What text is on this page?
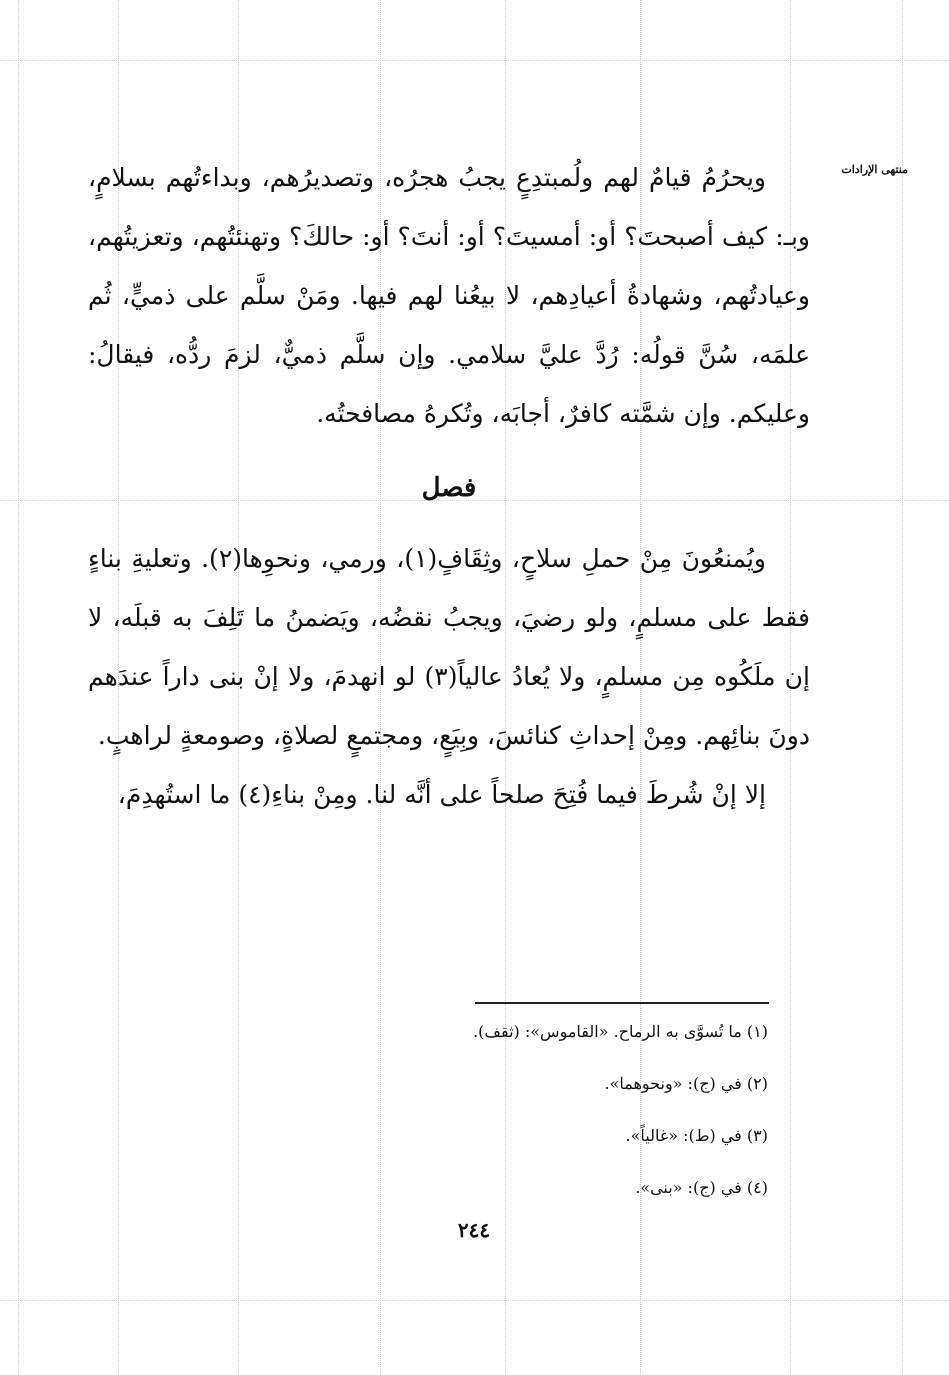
منتهى الإرادات

ويحرُمُ قيامٌ لهم ولُمبتدِعٍ يجبُ هجرُه، وتصديرُهم، وبداءتُهم بسلامٍ، وبـ: كيف أصبحتَ؟ أو: أمسيتَ؟ أو: أنتَ؟ أو: حالكَ؟ وتهنئتُهم، وتعزيتُهم، وعيادتُهم، وشهادةُ أعيادِهم، لا بيعُنا لهم فيها. ومَنْ سلَّم على ذميٍّ، ثُم علمَه، سُنَّ قولُه: رُدَّ عليَّ سلامي. وإن سلَّم ذميٌّ، لزمَ ردُّه، فيقالُ: وعليكم. وإن شمَّته كافرٌ، أجابَه، وتُكرهُ مصافحتُه.

فصل

ويُمنعُونَ مِنْ حملِ سلاحٍ، وثِقَافٍ(١)، ورمي، ونحوِها(٢). وتعليةِ بناءٍ فقط على مسلمٍ، ولو رضيَ، ويجبُ نقضُه، ويَضمنُ ما تَلِفَ به قبلَه، لا إن ملَكُوه مِن مسلمٍ، ولا يُعادُ عالياً(٣) لو انهدمَ، ولا إنْ بنى داراً عندَهم دونَ بنائِهم. ومِنْ إحداثِ كنائسَ، وبِيَعٍ، ومجتمعٍ لصلاةٍ، وصومعةٍ لراهبٍ.

إلا إنْ شُرطَ فيما فُتِحَ صلحاً على أنَّه لنا. ومِنْ بناءِ(٤) ما استُهدِمَ،

(١) ما تُسوَّى به الرماح. «القاموس»: (ثقف).

(٢) في (ج): «ونحوهما».

(٣) في (ط): «غالياً».

(٤) في (ج): «بنى».

٢٤٤
